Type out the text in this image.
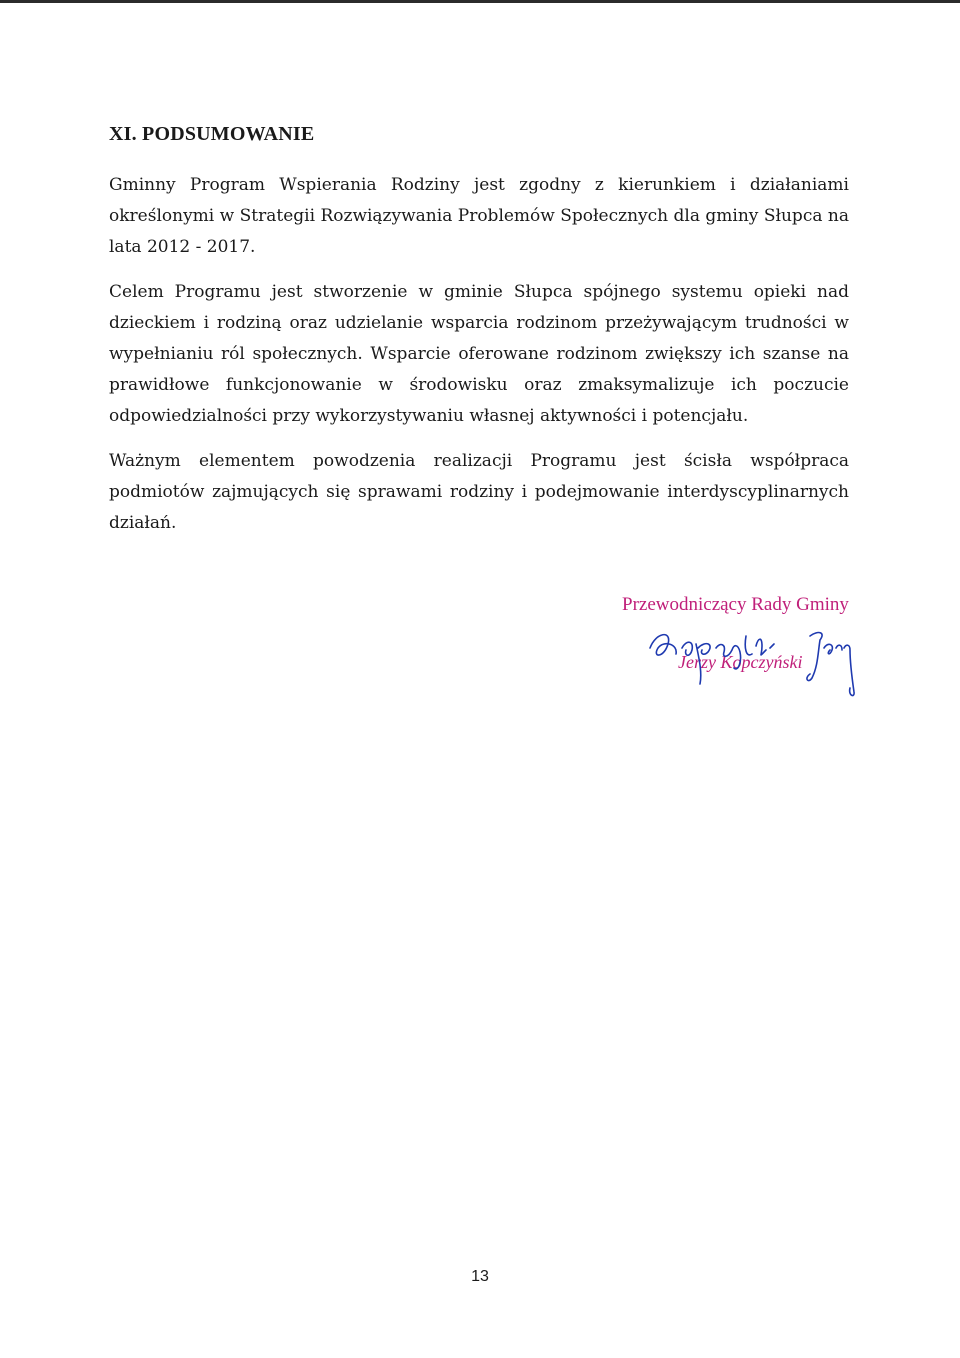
XI. PODSUMOWANIE

Gminny Program Wspierania Rodziny jest zgodny z kierunkiem i działaniami określonymi w Strategii Rozwiązywania Problemów Społecznych dla gminy Słupca na lata 2012 - 2017.

Celem Programu jest stworzenie w gminie Słupca spójnego systemu opieki nad dzieckiem i rodziną oraz udzielanie wsparcia rodzinom przeżywającym trudności w wypełnianiu ról społecznych. Wsparcie oferowane rodzinom zwiększy ich szanse na prawidłowe funkcjonowanie w środowisku oraz zmaksymalizuje ich poczucie odpowiedzialności przy wykorzystywaniu własnej aktywności i potencjału.

Ważnym elementem powodzenia realizacji Programu jest ścisła współpraca podmiotów zajmujących się sprawami rodziny i podejmowanie interdyscyplinarnych działań.

Przewodniczący Rady Gminy
Jerzy Kopczyński
13
